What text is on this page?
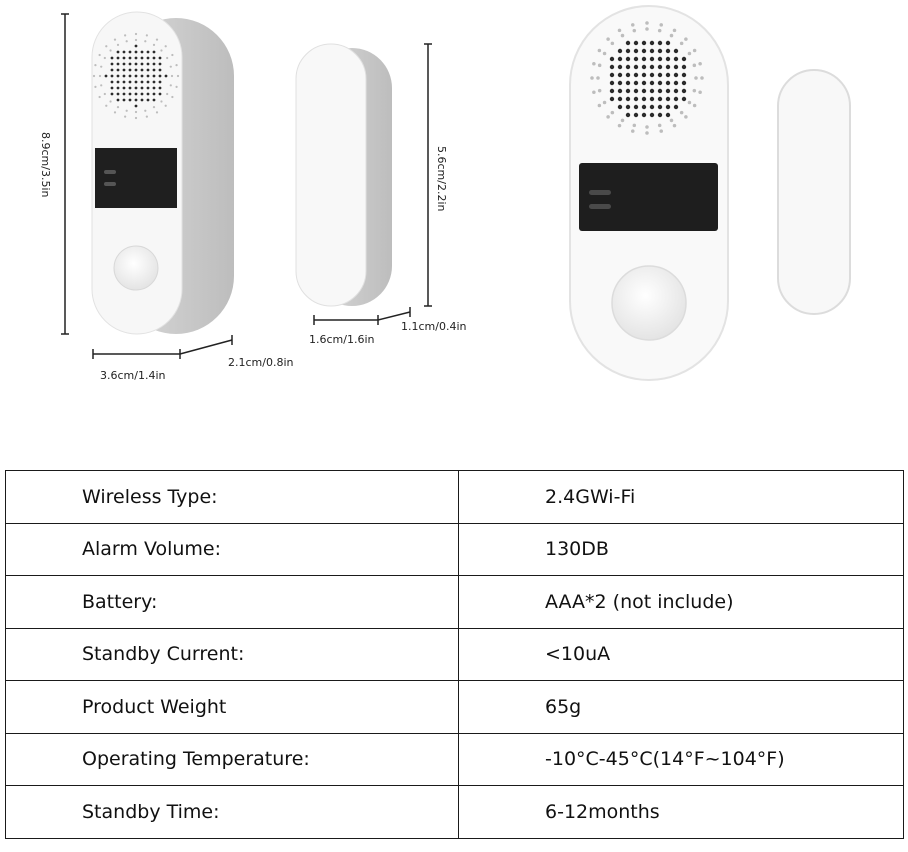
8.9cm/3.5in
3.6cm/1.4in
2.1cm/0.8in
5.6cm/2.2in
1.6cm/1.6in
1.1cm/0.4in
Wireless Type:	2.4GWi-Fi
Alarm Volume:	130DB
Battery:	AAA*2 (not include)
Standby Current:	<10uA
Product Weight	65g
Operating Temperature:	-10°C-45°C(14°F~104°F)
Standby Time:	6-12months
